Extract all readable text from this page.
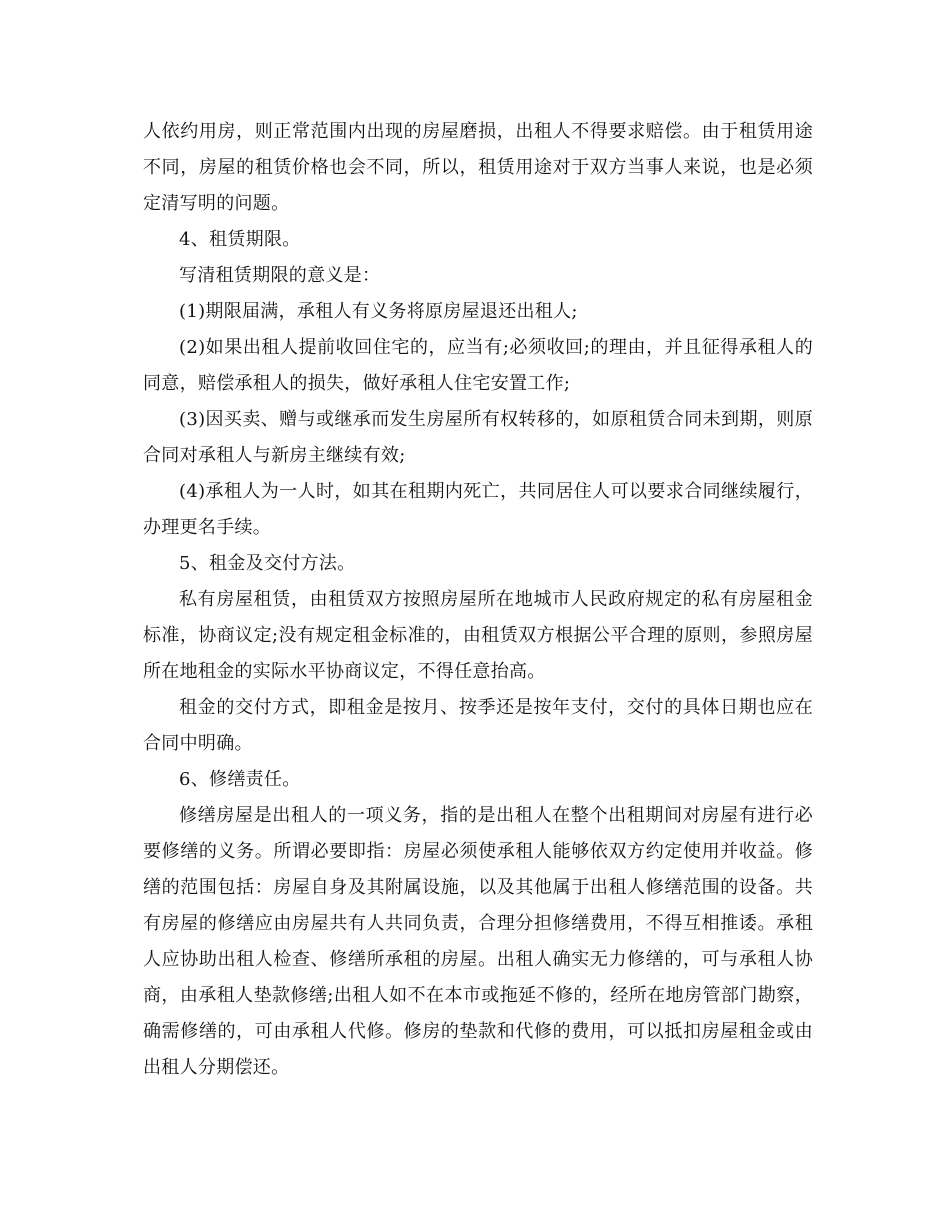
人依约用房，则正常范围内出现的房屋磨损，出租人不得要求赔偿。由于租赁用途不同，房屋的租赁价格也会不同，所以，租赁用途对于双方当事人来说，也是必须定清写明的问题。

4、租赁期限。

写清租赁期限的意义是：

(1)期限届满，承租人有义务将原房屋退还出租人;

(2)如果出租人提前收回住宅的，应当有;必须收回;的理由，并且征得承租人的同意，赔偿承租人的损失，做好承租人住宅安置工作;

(3)因买卖、赠与或继承而发生房屋所有权转移的，如原租赁合同未到期，则原合同对承租人与新房主继续有效;

(4)承租人为一人时，如其在租期内死亡，共同居住人可以要求合同继续履行，办理更名手续。

5、租金及交付方法。

私有房屋租赁，由租赁双方按照房屋所在地城市人民政府规定的私有房屋租金标准，协商议定;没有规定租金标准的，由租赁双方根据公平合理的原则，参照房屋所在地租金的实际水平协商议定，不得任意抬高。

租金的交付方式，即租金是按月、按季还是按年支付，交付的具体日期也应在合同中明确。

6、修缮责任。

修缮房屋是出租人的一项义务，指的是出租人在整个出租期间对房屋有进行必要修缮的义务。所谓必要即指：房屋必须使承租人能够依双方约定使用并收益。修缮的范围包括：房屋自身及其附属设施，以及其他属于出租人修缮范围的设备。共有房屋的修缮应由房屋共有人共同负责，合理分担修缮费用，不得互相推诿。承租人应协助出租人检查、修缮所承租的房屋。出租人确实无力修缮的，可与承租人协商，由承租人垫款修缮;出租人如不在本市或拖延不修的，经所在地房管部门勘察，确需修缮的，可由承租人代修。修房的垫款和代修的费用，可以抵扣房屋租金或由出租人分期偿还。
